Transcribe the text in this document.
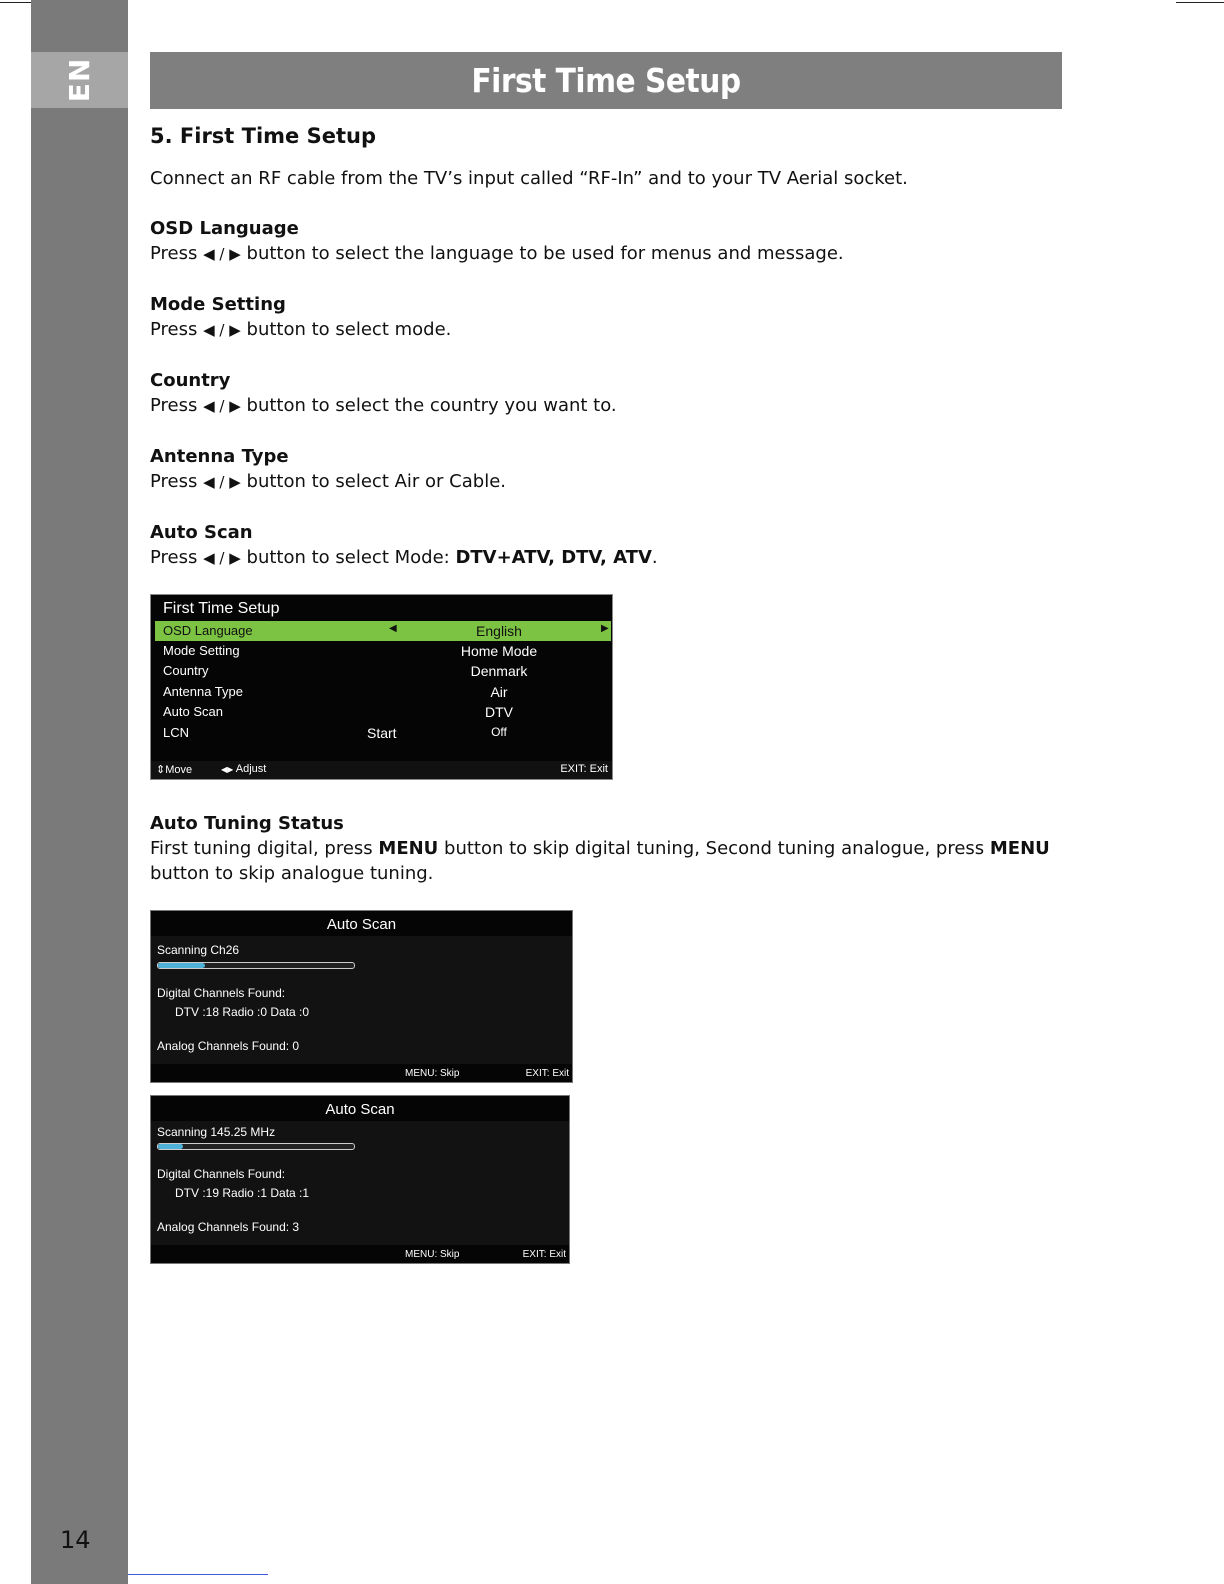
EN
14
First Time Setup
5. First Time Setup
Connect an RF cable from the TV’s input called “RF-In” and to your TV Aerial socket.
OSD Language
Press ◀ / ▶ button to select the language to be used for menus and message.
Mode Setting
Press ◀ / ▶ button to select mode.
Country
Press ◀ / ▶ button to select the country you want to.
Antenna Type
Press ◀ / ▶ button to select Air or Cable.
Auto Scan
Press ◀ / ▶ button to select Mode: DTV+ATV, DTV, ATV.
First Time Setup
OSD Language	◀	English	▶
Mode Setting	Home Mode
Country	Denmark
Antenna Type	Air
Auto Scan	DTV
LCN	Start	Off
⇕Move	◀▶ Adjust	EXIT: Exit
Auto Tuning Status
First tuning digital, press MENU button to skip digital tuning, Second tuning analogue, press MENU
button to skip analogue tuning.
Auto Scan
Scanning Ch26
Digital Channels Found:
DTV :18 Radio :0 Data :0
Analog Channels Found: 0
MENU: Skip	EXIT: Exit
Auto Scan
Scanning 145.25 MHz
Digital Channels Found:
DTV :19 Radio :1 Data :1
Analog Channels Found: 3
MENU: Skip	EXIT: Exit
